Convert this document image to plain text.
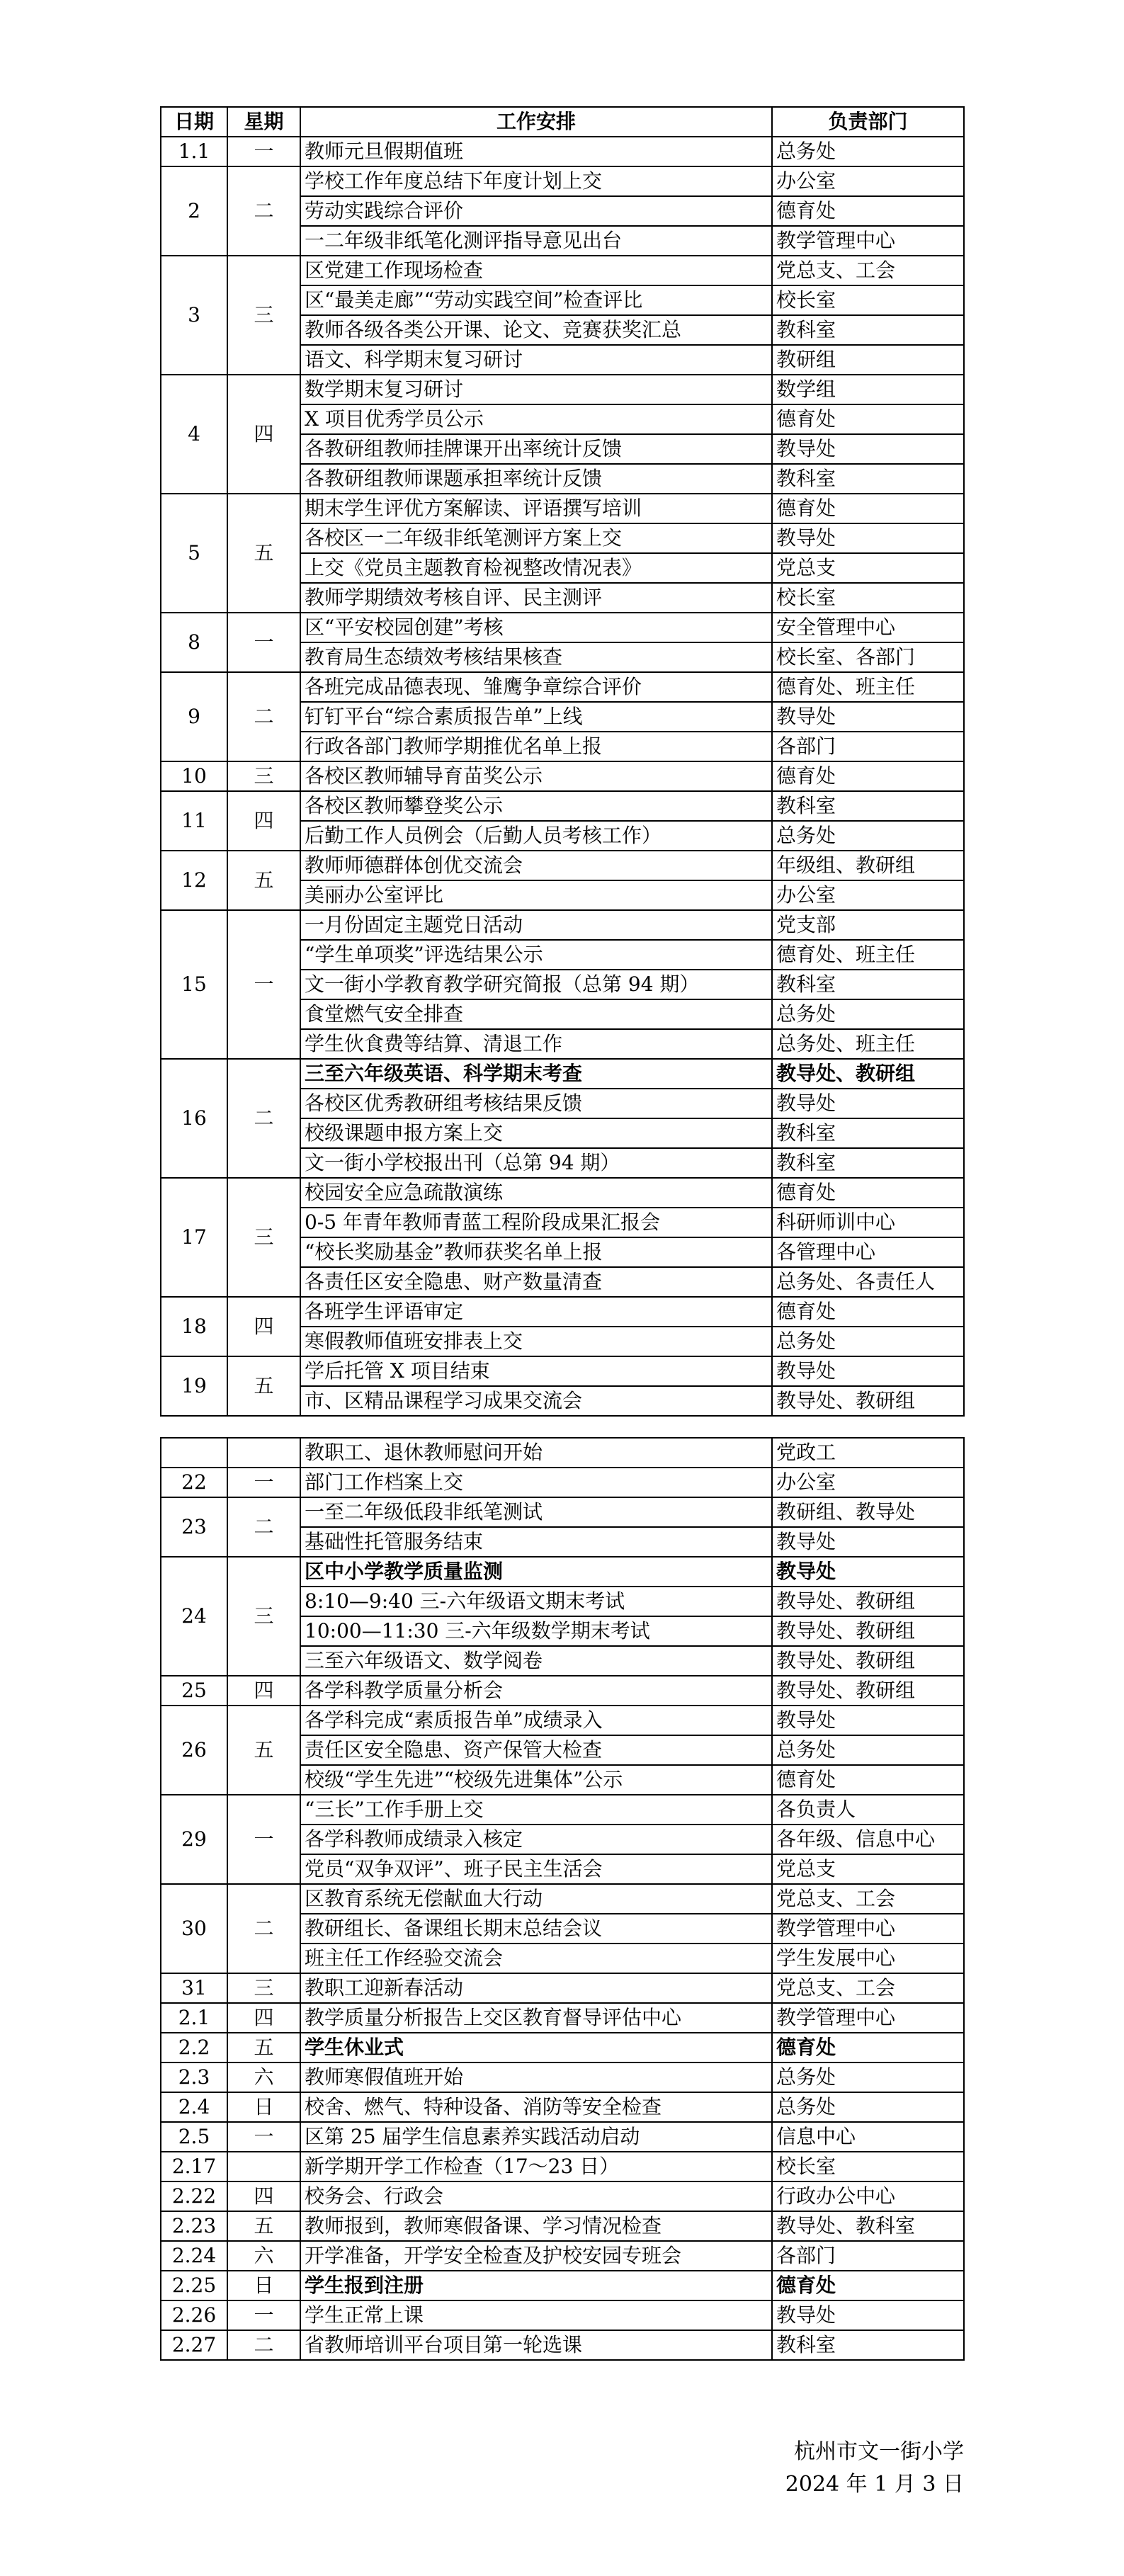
日期	星期	工作安排	负责部门
1.1	一	教师元旦假期值班	总务处
2	二	学校工作年度总结下年度计划上交	办公室
		劳动实践综合评价	德育处
		一二年级非纸笔化测评指导意见出台	教学管理中心
3	三	区党建工作现场检查	党总支、工会
		区“最美走廊”“劳动实践空间”检查评比	校长室
		教师各级各类公开课、论文、竞赛获奖汇总	教科室
		语文、科学期末复习研讨	教研组
4	四	数学期末复习研讨	数学组
		X 项目优秀学员公示	德育处
		各教研组教师挂牌课开出率统计反馈	教导处
		各教研组教师课题承担率统计反馈	教科室
5	五	期末学生评优方案解读、评语撰写培训	德育处
		各校区一二年级非纸笔测评方案上交	教导处
		上交《党员主题教育检视整改情况表》	党总支
		教师学期绩效考核自评、民主测评	校长室
8	一	区“平安校园创建”考核	安全管理中心
		教育局生态绩效考核结果核查	校长室、各部门
9	二	各班完成品德表现、雏鹰争章综合评价	德育处、班主任
		钉钉平台“综合素质报告单”上线	教导处
		行政各部门教师学期推优名单上报	各部门
10	三	各校区教师辅导育苗奖公示	德育处
11	四	各校区教师攀登奖公示	教科室
		后勤工作人员例会（后勤人员考核工作）	总务处
12	五	教师师德群体创优交流会	年级组、教研组
		美丽办公室评比	办公室
15	一	一月份固定主题党日活动	党支部
		“学生单项奖”评选结果公示	德育处、班主任
		文一街小学教育教学研究简报（总第 94 期）	教科室
		食堂燃气安全排查	总务处
		学生伙食费等结算、清退工作	总务处、班主任
16	二	三至六年级英语、科学期末考查	教导处、教研组
		各校区优秀教研组考核结果反馈	教导处
		校级课题申报方案上交	教科室
		文一街小学校报出刊（总第 94 期）	教科室
17	三	校园安全应急疏散演练	德育处
		0-5 年青年教师青蓝工程阶段成果汇报会	科研师训中心
		“校长奖励基金”教师获奖名单上报	各管理中心
		各责任区安全隐患、财产数量清查	总务处、各责任人
18	四	各班学生评语审定	德育处
		寒假教师值班安排表上交	总务处
19	五	学后托管 X 项目结束	教导处
		市、区精品课程学习成果交流会	教导处、教研组
		教职工、退休教师慰问开始	党政工
22	一	部门工作档案上交	办公室
23	二	一至二年级低段非纸笔测试	教研组、教导处
		基础性托管服务结束	教导处
24	三	区中小学教学质量监测	教导处
		8:10—9:40 三-六年级语文期末考试	教导处、教研组
		10:00—11:30 三-六年级数学期末考试	教导处、教研组
		三至六年级语文、数学阅卷	教导处、教研组
25	四	各学科教学质量分析会	教导处、教研组
26	五	各学科完成“素质报告单”成绩录入	教导处
		责任区安全隐患、资产保管大检查	总务处
		校级“学生先进”“校级先进集体”公示	德育处
29	一	“三长”工作手册上交	各负责人
		各学科教师成绩录入核定	各年级、信息中心
		党员“双争双评”、班子民主生活会	党总支
30	二	区教育系统无偿献血大行动	党总支、工会
		教研组长、备课组长期末总结会议	教学管理中心
		班主任工作经验交流会	学生发展中心
31	三	教职工迎新春活动	党总支、工会
2.1	四	教学质量分析报告上交区教育督导评估中心	教学管理中心
2.2	五	学生休业式	德育处
2.3	六	教师寒假值班开始	总务处
2.4	日	校舍、燃气、特种设备、消防等安全检查	总务处
2.5	一	区第 25 届学生信息素养实践活动启动	信息中心
2.17		新学期开学工作检查（17～23 日）	校长室
2.22	四	校务会、行政会	行政办公中心
2.23	五	教师报到，教师寒假备课、学习情况检查	教导处、教科室
2.24	六	开学准备，开学安全检查及护校安园专班会	各部门
2.25	日	学生报到注册	德育处
2.26	一	学生正常上课	教导处
2.27	二	省教师培训平台项目第一轮选课	教科室
杭州市文一街小学
2024 年 1 月 3 日
